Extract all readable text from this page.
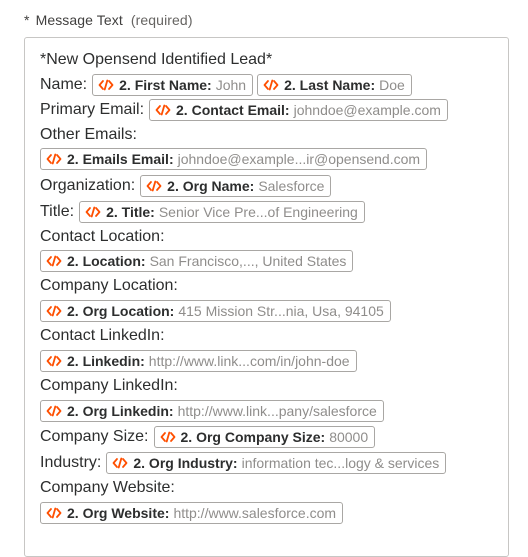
* Message Text (required)
*New Opensend Identified Lead*
Name: 2. First Name: John	2. Last Name: Doe
Primary Email: 2. Contact Email: johndoe@example.com
Other Emails:
2. Emails Email: johndoe@example...ir@opensend.com
Organization: 2. Org Name: Salesforce
Title: 2. Title: Senior Vice Pre...of Engineering
Contact Location:
2. Location: San Francisco,..., United States
Company Location:
2. Org Location: 415 Mission Str...nia, Usa, 94105
Contact LinkedIn:
2. Linkedin: http://www.link...com/in/john-doe
Company LinkedIn:
2. Org Linkedin: http://www.link...pany/salesforce
Company Size: 2. Org Company Size: 80000
Industry: 2. Org Industry: information tec...logy & services
Company Website:
2. Org Website: http://www.salesforce.com
